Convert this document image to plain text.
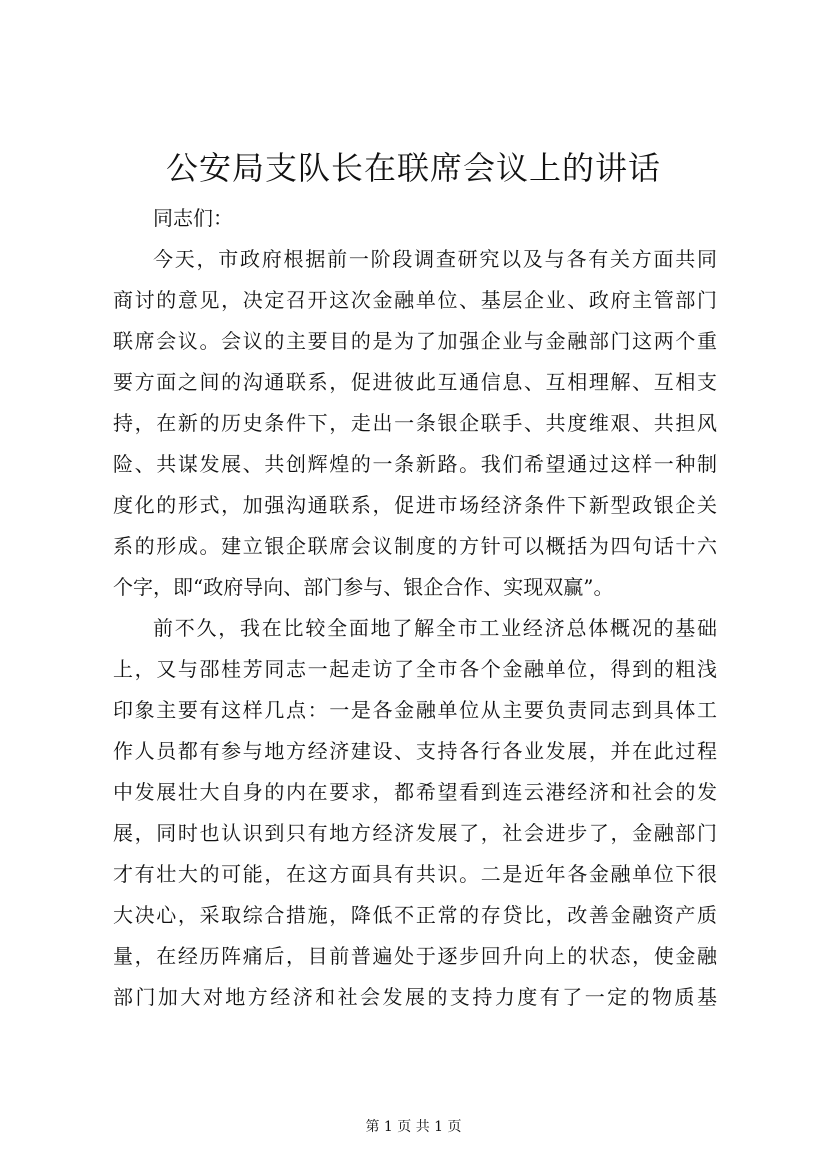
公安局支队长在联席会议上的讲话
同志们：
今天，市政府根据前一阶段调查研究以及与各有关方面共同
商讨的意见，决定召开这次金融单位、基层企业、政府主管部门
联席会议。会议的主要目的是为了加强企业与金融部门这两个重
要方面之间的沟通联系，促进彼此互通信息、互相理解、互相支
持，在新的历史条件下，走出一条银企联手、共度维艰、共担风
险、共谋发展、共创辉煌的一条新路。我们希望通过这样一种制
度化的形式，加强沟通联系，促进市场经济条件下新型政银企关
系的形成。建立银企联席会议制度的方针可以概括为四句话十六
个字，即“政府导向、部门参与、银企合作、实现双赢”。
前不久，我在比较全面地了解全市工业经济总体概况的基础
上，又与邵桂芳同志一起走访了全市各个金融单位，得到的粗浅
印象主要有这样几点：一是各金融单位从主要负责同志到具体工
作人员都有参与地方经济建设、支持各行各业发展，并在此过程
中发展壮大自身的内在要求，都希望看到连云港经济和社会的发
展，同时也认识到只有地方经济发展了，社会进步了，金融部门
才有壮大的可能，在这方面具有共识。二是近年各金融单位下很
大决心，采取综合措施，降低不正常的存贷比，改善金融资产质
量，在经历阵痛后，目前普遍处于逐步回升向上的状态，使金融
部门加大对地方经济和社会发展的支持力度有了一定的物质基
第 1 页 共 1 页
